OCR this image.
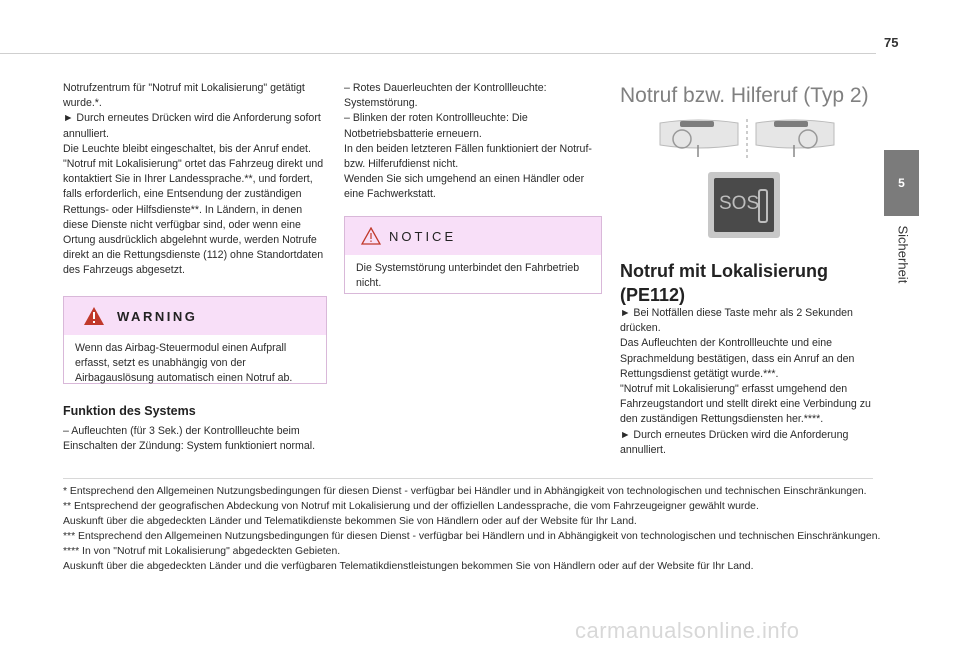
75
5
Sicherheit

Notrufzentrum für "Notruf mit Lokalisierung" getätigt wurde.*.
► Durch erneutes Drücken wird die Anforderung sofort annulliert.
Die Leuchte bleibt eingeschaltet, bis der Anruf endet.
"Notruf mit Lokalisierung" ortet das Fahrzeug direkt und kontaktiert Sie in Ihrer Landessprache.**, und fordert, falls erforderlich, eine Entsendung der zuständigen Rettungs- oder Hilfsdienste**. In Ländern, in denen diese Dienste nicht verfügbar sind, oder wenn eine Ortung ausdrücklich abgelehnt wurde, werden Notrufe direkt an die Rettungsdienste (112) ohne Standortdaten des Fahrzeugs abgesetzt.

WARNING
Wenn das Airbag-Steuermodul einen Aufprall erfasst, setzt es unabhängig von der Airbagauslösung automatisch einen Notruf ab.
Funktion des Systems

– Aufleuchten (für 3 Sek.) der Kontrollleuchte beim Einschalten der Zündung: System funktioniert normal.

– Rotes Dauerleuchten der Kontrollleuchte: Systemstörung.
– Blinken der roten Kontrollleuchte: Die Notbetriebsbatterie erneuern.
In den beiden letzteren Fällen funktioniert der Notruf-bzw. Hilferufdienst nicht.
Wenden Sie sich umgehend an einen Händler oder eine Fachwerkstatt.

NOTICE
Die Systemstörung unterbindet den Fahrbetrieb nicht.
Notruf bzw. Hilferuf (Typ 2)
SOS
Notruf mit Lokalisierung (PE112)

► Bei Notfällen diese Taste mehr als 2 Sekunden drücken.
Das Aufleuchten der Kontrollleuchte und eine Sprachmeldung bestätigen, dass ein Anruf an den Rettungsdienst getätigt wurde.***.
"Notruf mit Lokalisierung" erfasst umgehend den Fahrzeugstandort und stellt direkt eine Verbindung zu den zuständigen Rettungsdiensten her.****.
► Durch erneutes Drücken wird die Anforderung annulliert.

* Entsprechend den Allgemeinen Nutzungsbedingungen für diesen Dienst - verfügbar bei Händler und in Abhängigkeit von technologischen und technischen Einschränkungen.
** Entsprechend der geografischen Abdeckung von Notruf mit Lokalisierung und der offiziellen Landessprache, die vom Fahrzeugeigner gewählt wurde.
Auskunft über die abgedeckten Länder und Telematikdienste bekommen Sie von Händlern oder auf der Website für Ihr Land.
*** Entsprechend den Allgemeinen Nutzungsbedingungen für diesen Dienst - verfügbar bei Händlern und in Abhängigkeit von technologischen und technischen Einschränkungen.
**** In von "Notruf mit Lokalisierung" abgedeckten Gebieten.
Auskunft über die abgedeckten Länder und die verfügbaren Telematikdienstleistungen bekommen Sie von Händlern oder auf der Website für Ihr Land.
carmanualsonline.info
